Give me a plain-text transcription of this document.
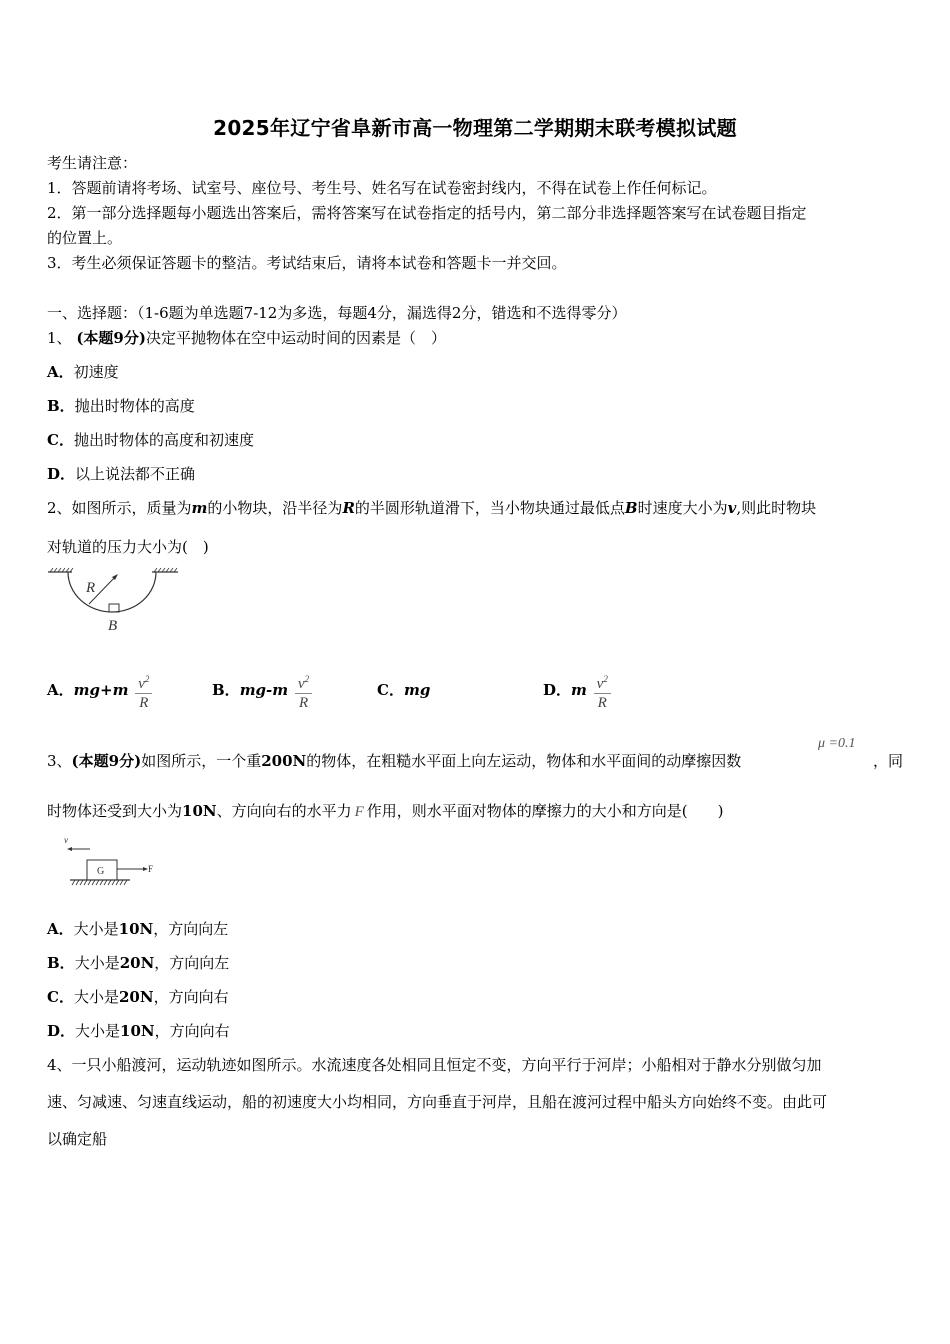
2025年辽宁省阜新市高一物理第二学期期末联考模拟试题
考生请注意：
1．答题前请将考场、试室号、座位号、考生号、姓名写在试卷密封线内，不得在试卷上作任何标记。
2．第一部分选择题每小题选出答案后，需将答案写在试卷指定的括号内，第二部分非选择题答案写在试卷题目指定
的位置上。
3．考生必须保证答题卡的整洁。考试结束后，请将本试卷和答题卡一并交回。
一、选择题：（1-6题为单选题7-12为多选，每题4分，漏选得2分，错选和不选得零分）
1、 (本题9分)决定平抛物体在空中运动时间的因素是（　）
A．初速度
B．抛出时物体的高度
C．抛出时物体的高度和初速度
D．以上说法都不正确
2、如图所示，质量为m的小物块，沿半径为R的半圆形轨道滑下，当小物块通过最低点B时速度大小为v,则此时物块
对轨道的压力大小为(　)
R
B
A．$mg+m \frac{v^2}{R}$	B．$mg-m \frac{v^2}{R}$	C．mg	D．m $\frac{v^2}{R}$
3、(本题9分)如图所示，一个重200N的物体，在粗糙水平面上向左运动，物体和水平面间的动摩擦因数
μ =0.1
，同
时物体还受到大小为10N、方向向右的水平力 F 作用，则水平面对物体的摩擦力的大小和方向是(　　)
v
G	F
A．大小是10N，方向向左
B．大小是20N，方向向左
C．大小是20N，方向向右
D．大小是10N，方向向右
4、一只小船渡河，运动轨迹如图所示。水流速度各处相同且恒定不变，方向平行于河岸；小船相对于静水分别做匀加
速、匀减速、匀速直线运动，船的初速度大小均相同，方向垂直于河岸，且船在渡河过程中船头方向始终不变。由此可
以确定船
